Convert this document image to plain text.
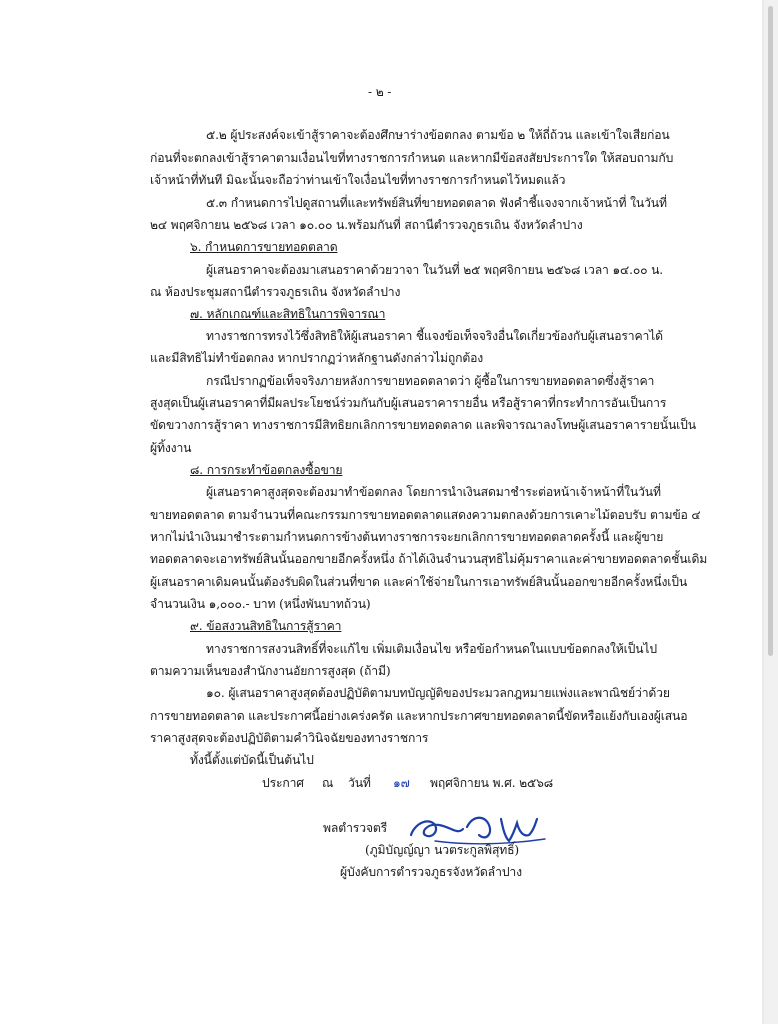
- ๒ -
๕.๒ ผู้ประสงค์จะเข้าสู้ราคาจะต้องศึกษาร่างข้อตกลง ตามข้อ ๒ ให้ถี่ถ้วน และเข้าใจเสียก่อน
ก่อนที่จะตกลงเข้าสู้ราคาตามเงื่อนไขที่ทางราชการกำหนด และหากมีข้อสงสัยประการใด ให้สอบถามกับ
เจ้าหน้าที่ทันที มิฉะนั้นจะถือว่าท่านเข้าใจเงื่อนไขที่ทางราชการกำหนดไว้หมดแล้ว
๕.๓ กำหนดการไปดูสถานที่และทรัพย์สินที่ขายทอดตลาด ฟังคำชี้แจงจากเจ้าหน้าที่ ในวันที่
๒๔ พฤศจิกายน ๒๕๖๘ เวลา ๑๐.๐๐ น.พร้อมกันที่ สถานีตำรวจภูธรเถิน จังหวัดลำปาง
๖. กำหนดการขายทอดตลาด
ผู้เสนอราคาจะต้องมาเสนอราคาด้วยวาจา ในวันที่ ๒๕ พฤศจิกายน ๒๕๖๘ เวลา ๑๔.๐๐ น.
ณ ห้องประชุมสถานีตำรวจภูธรเถิน จังหวัดลำปาง
๗. หลักเกณฑ์และสิทธิในการพิจารณา
ทางราชการทรงไว้ซึ่งสิทธิให้ผู้เสนอราคา ชี้แจงข้อเท็จจริงอื่นใดเกี่ยวข้องกับผู้เสนอราคาได้
และมีสิทธิไม่ทำข้อตกลง หากปรากฏว่าหลักฐานดังกล่าวไม่ถูกต้อง
กรณีปรากฏข้อเท็จจริงภายหลังการขายทอดตลาดว่า ผู้ซื้อในการขายทอดตลาดซึ่งสู้ราคา
สูงสุดเป็นผู้เสนอราคาที่มีผลประโยชน์ร่วมกันกับผู้เสนอราคารายอื่น หรือสู้ราคาที่กระทำการอันเป็นการ
ขัดขวางการสู้ราคา ทางราชการมีสิทธิยกเลิกการขายทอดตลาด และพิจารณาลงโทษผู้เสนอราคารายนั้นเป็น
ผู้ทิ้งงาน
๘. การกระทำข้อตกลงซื้อขาย
ผู้เสนอราคาสูงสุดจะต้องมาทำข้อตกลง โดยการนำเงินสดมาชำระต่อหน้าเจ้าหน้าที่ในวันที่
ขายทอดตลาด ตามจำนวนที่คณะกรรมการขายทอดตลาดแสดงความตกลงด้วยการเคาะไม้ตอบรับ ตามข้อ ๔
หากไม่นำเงินมาชำระตามกำหนดการข้างต้นทางราชการจะยกเลิกการขายทอดตลาดครั้งนี้ และผู้ขาย
ทอดตลาดจะเอาทรัพย์สินนั้นออกขายอีกครั้งหนึ่ง ถ้าได้เงินจำนวนสุทธิไม่คุ้มราคาและค่าขายทอดตลาดชั้นเดิม
ผู้เสนอราคาเดิมคนนั้นต้องรับผิดในส่วนที่ขาด และค่าใช้จ่ายในการเอาทรัพย์สินนั้นออกขายอีกครั้งหนึ่งเป็น
จำนวนเงิน ๑,๐๐๐.- บาท (หนึ่งพันบาทถ้วน)
๙. ข้อสงวนสิทธิในการสู้ราคา
ทางราชการสงวนสิทธิ์ที่จะแก้ไข เพิ่มเติมเงื่อนไข หรือข้อกำหนดในแบบข้อตกลงให้เป็นไป
ตามความเห็นของสำนักงานอัยการสูงสุด (ถ้ามี)
๑๐. ผู้เสนอราคาสูงสุดต้องปฏิบัติตามบทบัญญัติของประมวลกฎหมายแพ่งและพาณิชย์ว่าด้วย
การขายทอดตลาด และประกาศนี้อย่างเคร่งครัด และหากประกาศขายทอดตลาดนี้ขัดหรือแย้งกับเองผู้เสนอ
ราคาสูงสุดจะต้องปฏิบัติตามคำวินิจฉัยของทางราชการ
ทั้งนี้ตั้งแต่บัดนี้เป็นต้นไป
ประกาศ ณ วันที่ ๑๗ พฤศจิกายน พ.ศ. ๒๕๖๘
พลตำรวจตรี
(ภูมิบัญญ์ญา นวตระกูลพิสุทธิ์)
ผู้บังคับการตำรวจภูธรจังหวัดลำปาง
